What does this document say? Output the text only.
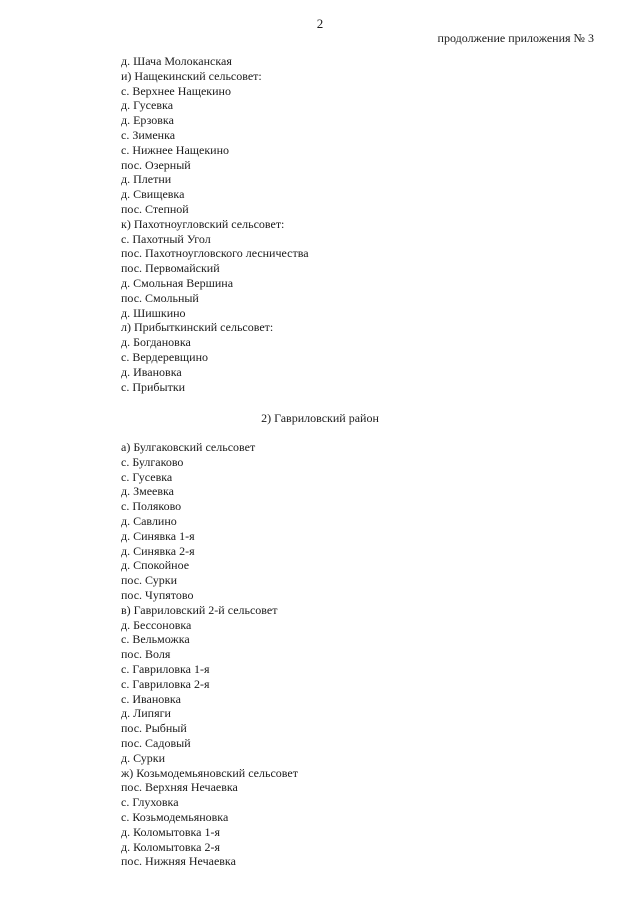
2
продолжение приложения № 3
д. Шача Молоканская
и) Нащекинский сельсовет:
с. Верхнее Нащекино
д. Гусевка
д. Ерзовка
с. Зименка
с. Нижнее Нащекино
пос. Озерный
д. Плетни
д. Свищевка
пос. Степной
к) Пахотноугловский сельсовет:
с. Пахотный Угол
пос. Пахотноугловского лесничества
пос. Первомайский
д. Смольная Вершина
пос. Смольный
д. Шишкино
л) Прибыткинский сельсовет:
д. Богдановка
с. Вердеревщино
д. Ивановка
с. Прибытки
2) Гавриловский район
а) Булгаковский сельсовет
с. Булгаково
с. Гусевка
д. Змеевка
с. Поляково
д. Савлино
д. Синявка 1-я
д. Синявка 2-я
д. Спокойное
пос. Сурки
пос. Чупятово
в) Гавриловский 2-й сельсовет
д. Бессоновка
с. Вельможка
пос. Воля
с. Гавриловка 1-я
с. Гавриловка 2-я
с. Ивановка
д. Липяги
пос. Рыбный
пос. Садовый
д. Сурки
ж) Козьмодемьяновский сельсовет
пос. Верхняя Нечаевка
с. Глуховка
с. Козьмодемьяновка
д. Коломытовка 1-я
д. Коломытовка 2-я
пос. Нижняя Нечаевка
